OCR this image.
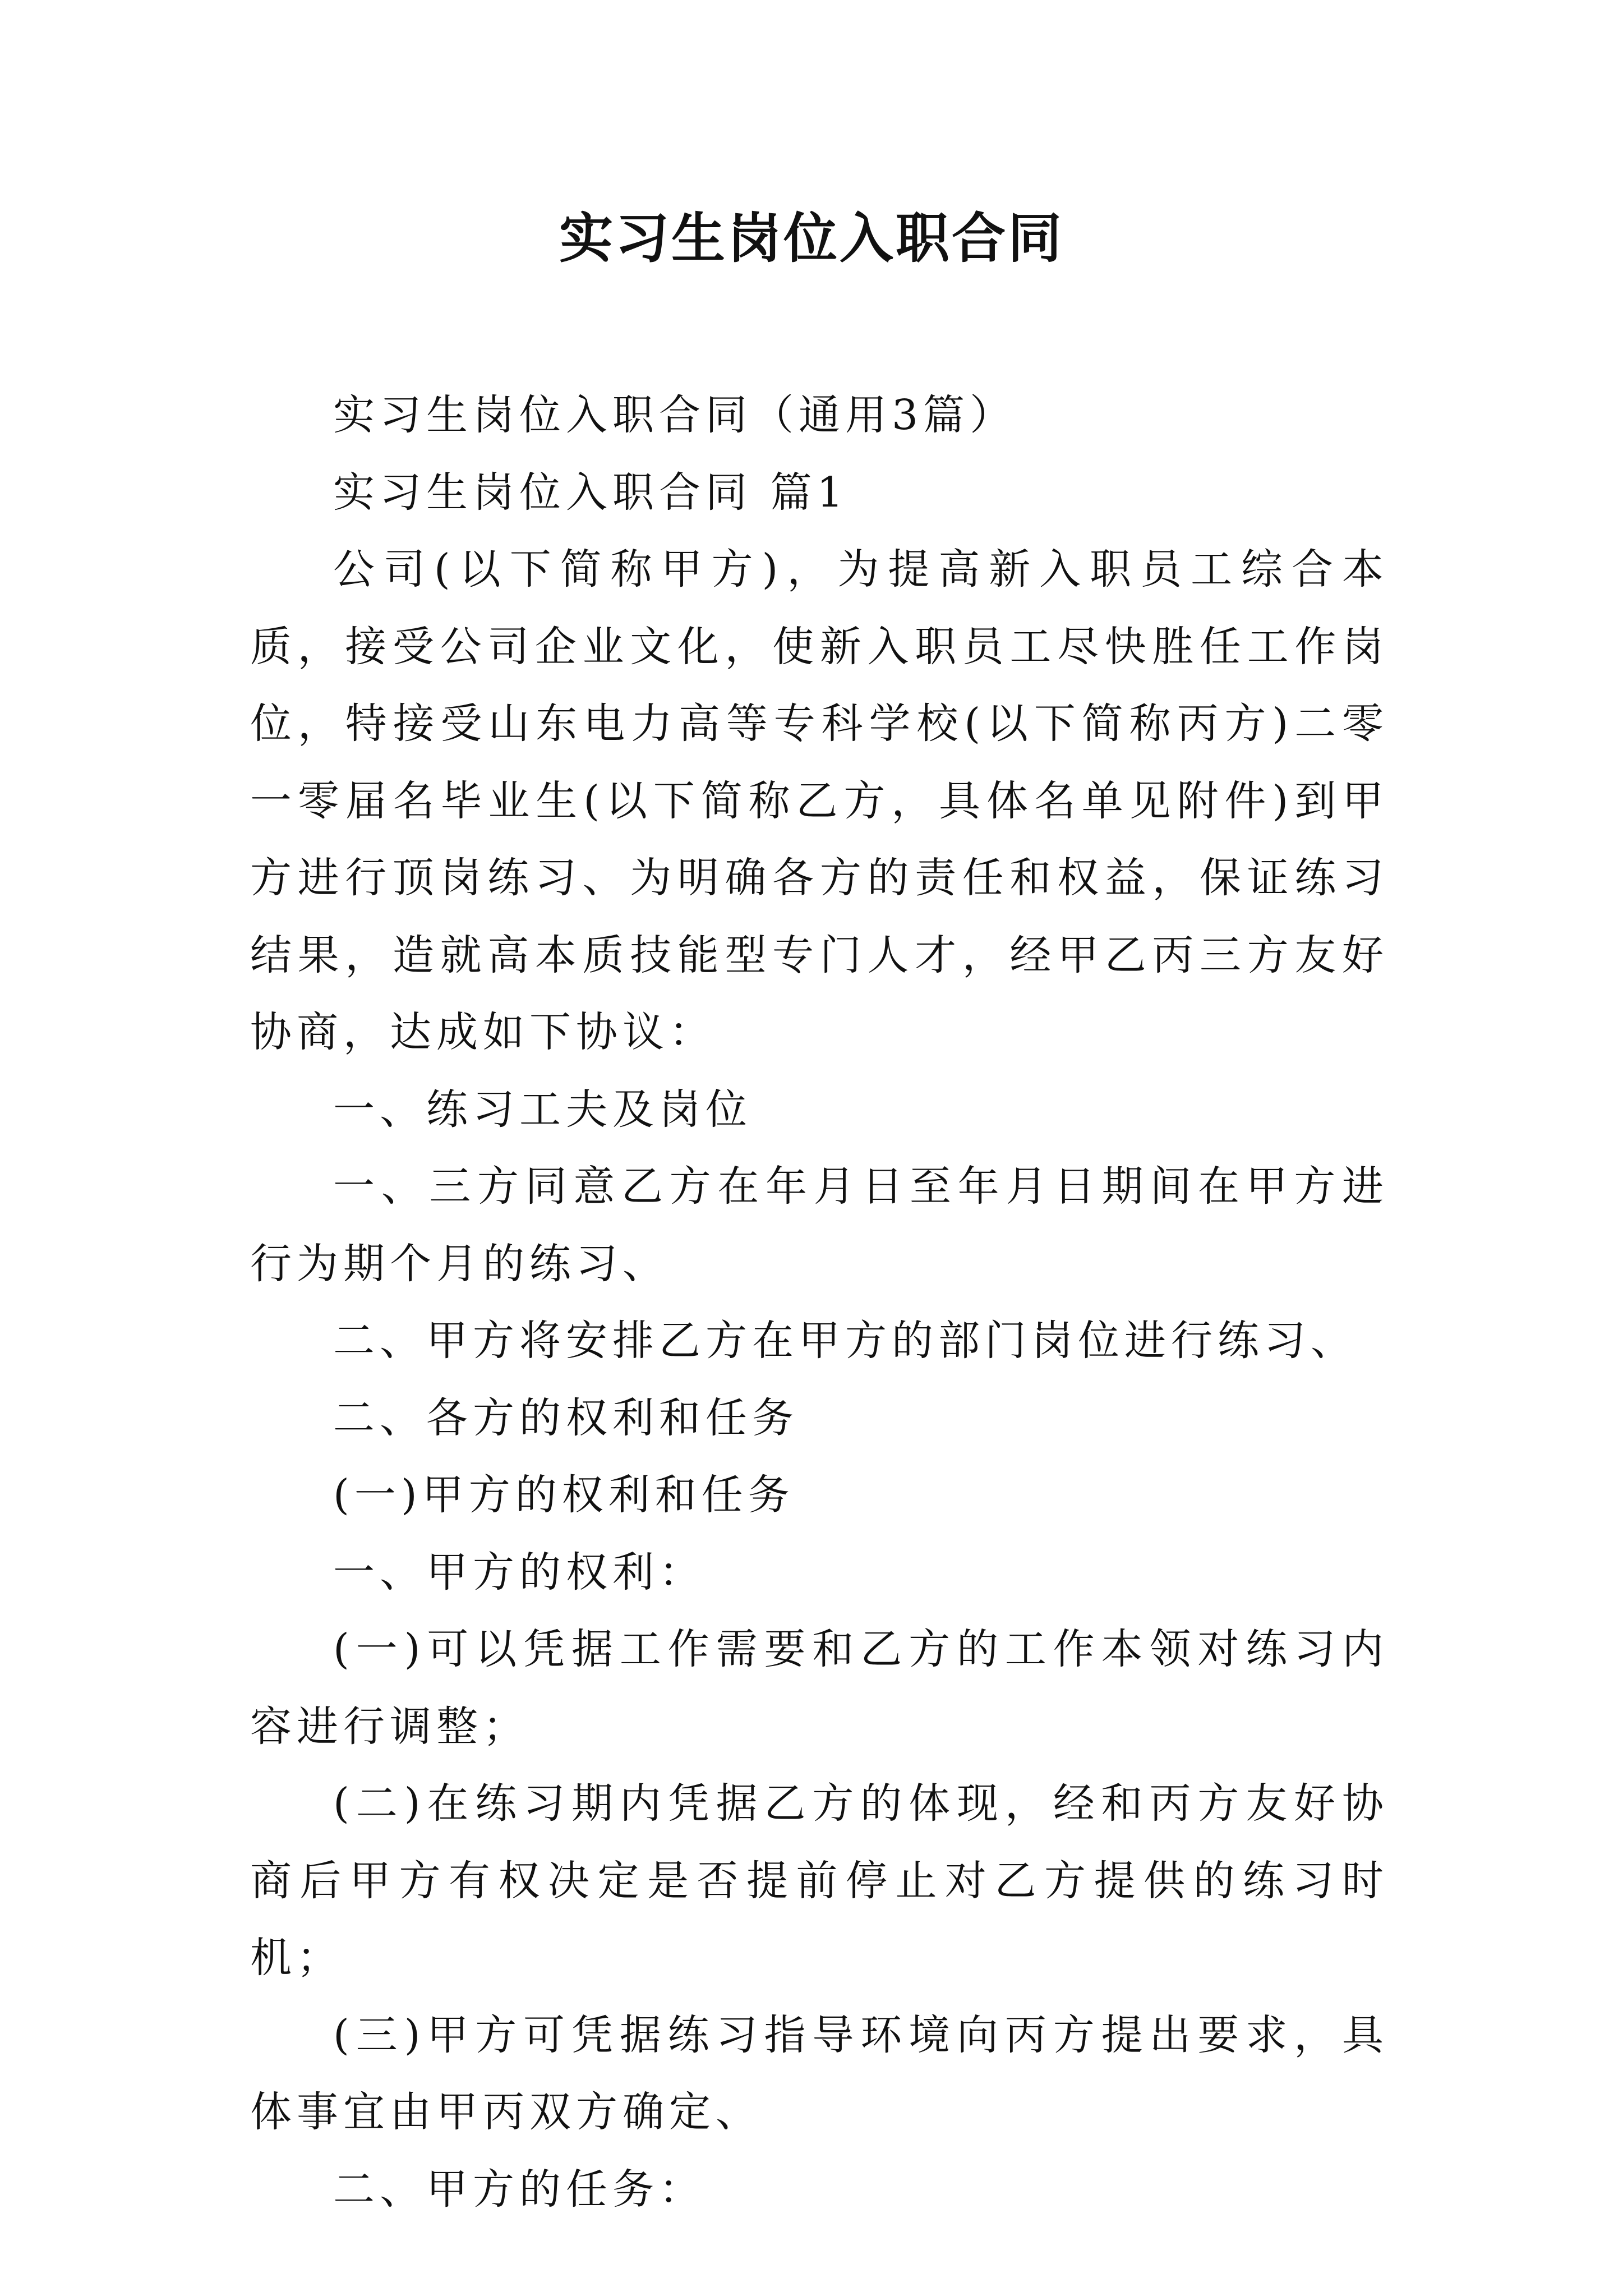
实习生岗位入职合同

实习生岗位入职合同（通用3篇）

实习生岗位入职合同 篇1

公司(以下简称甲方)，为提高新入职员工综合本质，接受公司企业文化，使新入职员工尽快胜任工作岗位，特接受山东电力高等专科学校(以下简称丙方)二零一零届名毕业生(以下简称乙方，具体名单见附件)到甲方进行顶岗练习、为明确各方的责任和权益，保证练习结果，造就高本质技能型专门人才，经甲乙丙三方友好协商，达成如下协议：

一、练习工夫及岗位

一、三方同意乙方在年月日至年月日期间在甲方进行为期个月的练习、

二、甲方将安排乙方在甲方的部门岗位进行练习、

二、各方的权利和任务

(一)甲方的权利和任务

一、甲方的权利：

(一)可以凭据工作需要和乙方的工作本领对练习内容进行调整；

(二)在练习期内凭据乙方的体现，经和丙方友好协商后甲方有权决定是否提前停止对乙方提供的练习时机；

(三)甲方可凭据练习指导环境向丙方提出要求，具体事宜由甲丙双方确定、

二、甲方的任务：
